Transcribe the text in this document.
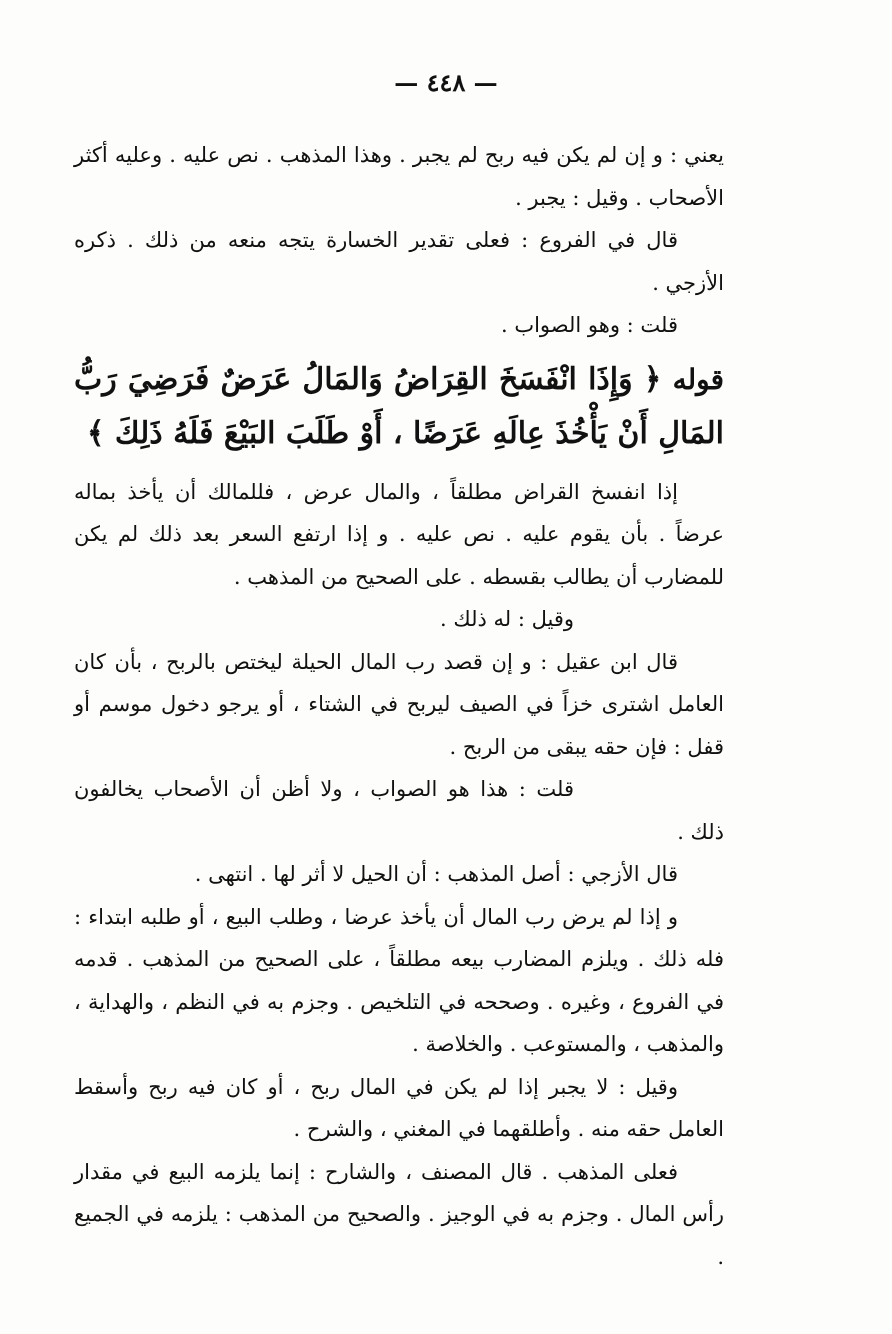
— ٤٤٨ —

يعني : و إن لم يكن فيه ربح لم يجبر . وهذا المذهب . نص عليه . وعليه أكثر الأصحاب . وقيل : يجبر .

قال في الفروع : فعلى تقدير الخسارة يتجه منعه من ذلك . ذكره الأزجي .

قلت : وهو الصواب .

قوله ﴿ وَإِذَا انْفَسَخَ القِرَاضُ وَالمَالُ عَرَضٌ فَرَضِيَ رَبُّ المَالِ أَنْ يَأْخُذَ عِالَهِ عَرَضًا ، أَوْ طَلَبَ البَيْعَ فَلَهُ ذَلِكَ ﴾

إذا انفسخ القراض مطلقاً ، والمال عرض ، فللمالك أن يأخذ بماله عرضاً . بأن يقوم عليه . نص عليه . و إذا ارتفع السعر بعد ذلك لم يكن للمضارب أن يطالب بقسطه . على الصحيح من المذهب .

وقيل : له ذلك .

قال ابن عقيل : و إن قصد رب المال الحيلة ليختص بالربح ، بأن كان العامل اشترى خزاً في الصيف ليربح في الشتاء ، أو يرجو دخول موسم أو قفل : فإن حقه يبقى من الربح .

قلت : هذا هو الصواب ، ولا أظن أن الأصحاب يخالفون ذلك .

قال الأزجي : أصل المذهب : أن الحيل لا أثر لها . انتهى .

و إذا لم يرض رب المال أن يأخذ عرضا ، وطلب البيع ، أو طلبه ابتداء : فله ذلك . ويلزم المضارب بيعه مطلقاً ، على الصحيح من المذهب . قدمه في الفروع ، وغيره . وصححه في التلخيص . وجزم به في النظم ، والهداية ، والمذهب ، والمستوعب . والخلاصة .

وقيل : لا يجبر إذا لم يكن في المال ربح ، أو كان فيه ربح وأسقط العامل حقه منه . وأطلقهما في المغني ، والشرح .

فعلى المذهب . قال المصنف ، والشارح : إنما يلزمه البيع في مقدار رأس المال . وجزم به في الوجيز . والصحيح من المذهب : يلزمه في الجميع .
